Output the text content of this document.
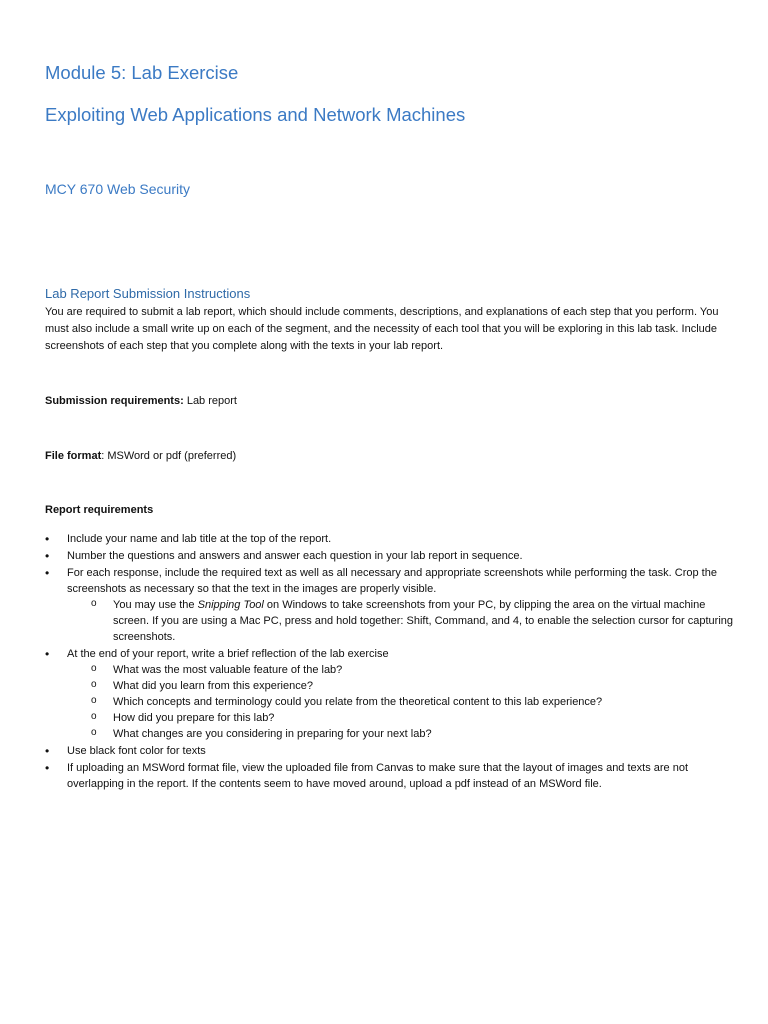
Module 5: Lab Exercise
Exploiting Web Applications and Network Machines
MCY 670 Web Security
Lab Report Submission Instructions
You are required to submit a lab report, which should include comments, descriptions, and explanations of each step that you perform. You must also include a small write up on each of the segment, and the necessity of each tool that you will be exploring in this lab task. Include screenshots of each step that you complete along with the texts in your lab report.
Submission requirements: Lab report
File format: MSWord or pdf (preferred)
Report requirements
• Include your name and lab title at the top of the report.
• Number the questions and answers and answer each question in your lab report in sequence.
• For each response, include the required text as well as all necessary and appropriate screenshots while performing the task. Crop the screenshots as necessary so that the text in the images are properly visible.
o You may use the Snipping Tool on Windows to take screenshots from your PC, by clipping the area on the virtual machine screen. If you are using a Mac PC, press and hold together: Shift, Command, and 4, to enable the selection cursor for capturing screenshots.
• At the end of your report, write a brief reflection of the lab exercise
o What was the most valuable feature of the lab?
o What did you learn from this experience?
o Which concepts and terminology could you relate from the theoretical content to this lab experience?
o How did you prepare for this lab?
o What changes are you considering in preparing for your next lab?
• Use black font color for texts
• If uploading an MSWord format file, view the uploaded file from Canvas to make sure that the layout of images and texts are not overlapping in the report. If the contents seem to have moved around, upload a pdf instead of an MSWord file.
